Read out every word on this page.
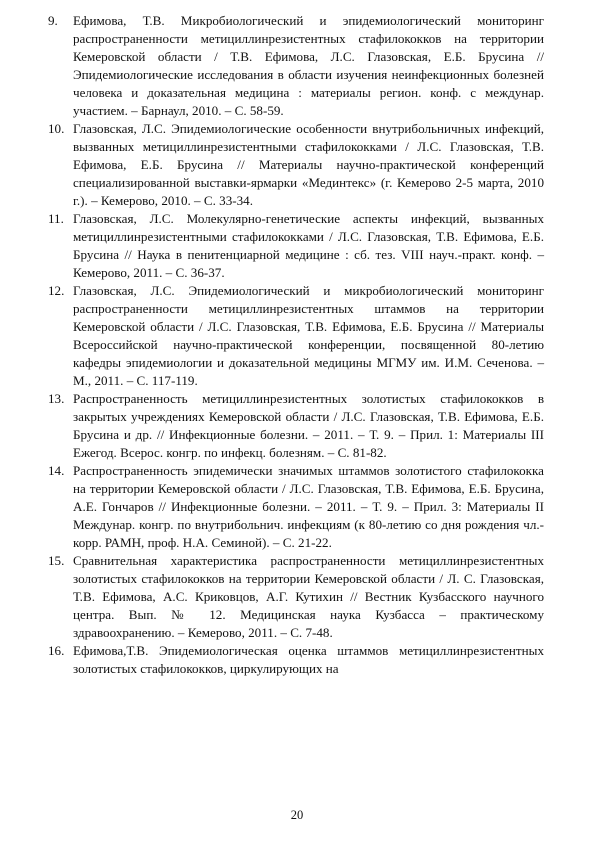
9. Ефимова, Т.В. Микробиологический и эпидемиологический мониторинг распространенности метициллинрезистентных стафилококков на территории Кемеровской области / Т.В. Ефимова, Л.С. Глазовская, Е.Б. Брусина // Эпидемиологические исследования в области изучения неинфекционных болезней человека и доказательная медицина : материалы регион. конф. с междунар. участием. – Барнаул, 2010. – С. 58-59.
10. Глазовская, Л.С. Эпидемиологические особенности внутрибольничных инфекций, вызванных метициллинрезистентными стафилококками / Л.С. Глазовская, Т.В. Ефимова, Е.Б. Брусина // Материалы научно-практической конференций специализированной выставки-ярмарки «Мединтекс» (г. Кемерово 2-5 марта, 2010 г.). – Кемерово, 2010. – С. 33-34.
11. Глазовская, Л.С. Молекулярно-генетические аспекты инфекций, вызванных метициллинрезистентными стафилококками / Л.С. Глазовская, Т.В. Ефимова, Е.Б. Брусина // Наука в пенитенциарной медицине : сб. тез. VIII науч.-практ. конф. – Кемерово, 2011. – С. 36-37.
12. Глазовская, Л.С. Эпидемиологический и микробиологический мониторинг распространенности метициллинрезистентных штаммов на территории Кемеровской области / Л.С. Глазовская, Т.В. Ефимова, Е.Б. Брусина // Материалы Всероссийской научно-практической конференции, посвященной 80-летию кафедры эпидемиологии и доказательной медицины МГМУ им. И.М. Сеченова. – М., 2011. – С. 117-119.
13. Распространенность метициллинрезистентных золотистых стафилококков в закрытых учреждениях Кемеровской области / Л.С. Глазовская, Т.В. Ефимова, Е.Б. Брусина и др. // Инфекционные болезни. – 2011. – Т. 9. – Прил. 1: Материалы III Ежегод. Всерос. конгр. по инфекц. болезням. – С. 81-82.
14. Распространенность эпидемически значимых штаммов золотистого стафилококка на территории Кемеровской области / Л.С. Глазовская, Т.В. Ефимова, Е.Б. Брусина, А.Е. Гончаров // Инфекционные болезни. – 2011. – Т. 9. – Прил. 3: Материалы II Междунар. конгр. по внутрибольнич. инфекциям (к 80-летию со дня рождения чл.-корр. РАМН, проф. Н.А. Семиной). – С. 21-22.
15. Сравнительная характеристика распространенности метициллинрезистентных золотистых стафилококков на территории Кемеровской области / Л. С. Глазовская, Т.В. Ефимова, А.С. Криковцов, А.Г. Кутихин // Вестник Кузбасского научного центра. Вып. № 12. Медицинская наука Кузбасса – практическому здравоохранению. – Кемерово, 2011. – С. 7-48.
16. Ефимова,Т.В. Эпидемиологическая оценка штаммов метициллинрезистентных золотистых стафилококков, циркулирующих на
20
